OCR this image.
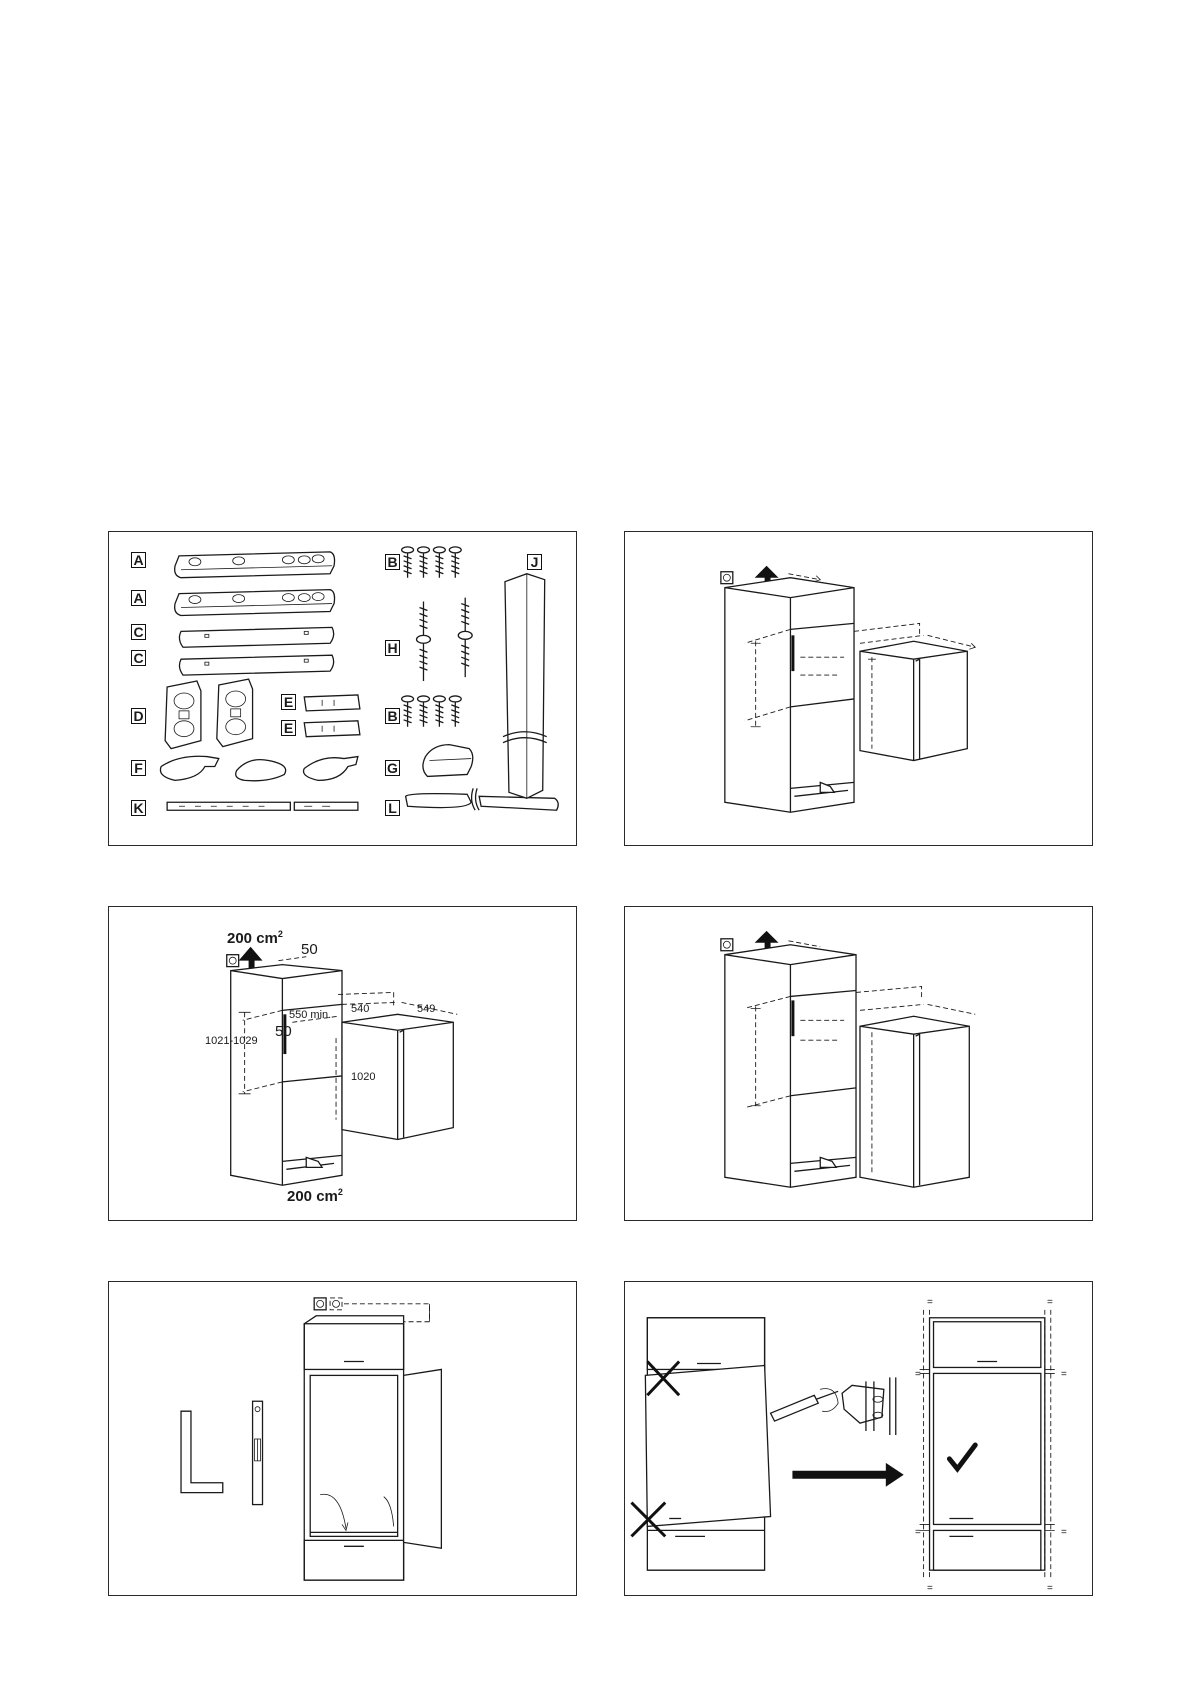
A
A
C
C
D
E
E
F
K
B
H
B
G
L
J
200 $cm^2$
50
550 min.
50
1021-1029
540	549
1020
200 $cm^2$
=	=
=	=
=	=
=	=
